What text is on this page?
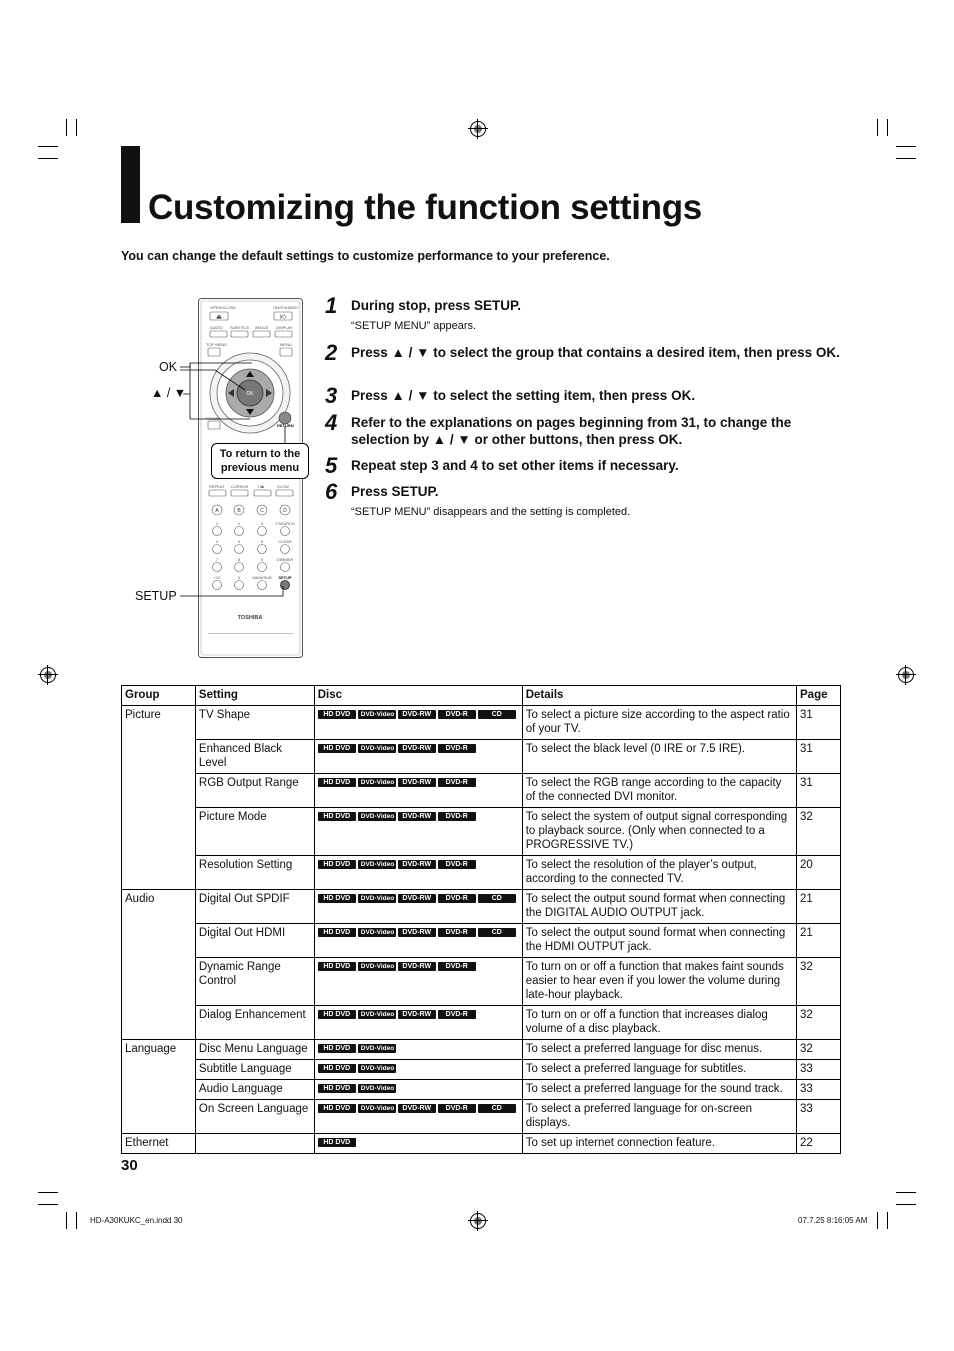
Customizing the function settings
You can change the default settings to customize performance to your preference.
OPEN/CLOSE	ON/STANDBY
⏏	I/⏻
AUDIO SUBTITLE ANGLE DISPLAY
TOP MENU	MENU
OK
FRAME
RETURN
REPEAT CURSOR I I▶	SLOW
A	B	C	D
1	2	3	T.SEARCH
4	5	6	CLEAR
7	8	9	DIMMER
+10	0	MAIN/SUB SETUP
TOSHIBA
OK
▲ / ▼
SETUP
To return to the previous menu
1 During stop, press SETUP.
“SETUP MENU” appears.
2 Press ▲ / ▼ to select the group that contains a desired item, then press OK.
3 Press ▲ / ▼ to select the setting item, then press OK.
4 Refer to the explanations on pages beginning from 31, to change the selection by ▲ / ▼ or other buttons, then press OK.
5 Repeat step 3 and 4 to set other items if necessary.
6 Press SETUP.
“SETUP MENU” disappears and the setting is completed.
Group	Setting	Disc	Details	Page
Picture	TV Shape	HD DVD DVD-Video DVD-RW DVD-R CD	To select a picture size according to the aspect ratio of your TV.	31
	Enhanced Black Level	HD DVD DVD-Video DVD-RW DVD-R	To select the black level (0 IRE or 7.5 IRE).	31
	RGB Output Range	HD DVD DVD-Video DVD-RW DVD-R	To select the RGB range according to the capacity of the connected DVI monitor.	31
	Picture Mode	HD DVD DVD-Video DVD-RW DVD-R	To select the system of output signal corresponding to playback source. (Only when connected to a PROGRESSIVE TV.)	32
	Resolution Setting	HD DVD DVD-Video DVD-RW DVD-R	To select the resolution of the player’s output, according to the connected TV.	20
Audio	Digital Out SPDIF	HD DVD DVD-Video DVD-RW DVD-R CD	To select the output sound format when connecting the DIGITAL AUDIO OUTPUT jack.	21
	Digital Out HDMI	HD DVD DVD-Video DVD-RW DVD-R CD	To select the output sound format when connecting the HDMI OUTPUT jack.	21
	Dynamic Range Control	HD DVD DVD-Video DVD-RW DVD-R	To turn on or off a function that makes faint sounds easier to hear even if you lower the volume during late-hour playback.	32
	Dialog Enhancement	HD DVD DVD-Video DVD-RW DVD-R	To turn on or off a function that increases dialog volume of a disc playback.	32
Language	Disc Menu Language	HD DVD DVD-Video	To select a preferred language for disc menus.	32
	Subtitle Language	HD DVD DVD-Video	To select a preferred language for subtitles.	33
	Audio Language	HD DVD DVD-Video	To select a preferred language for the sound track.	33
	On Screen Language	HD DVD DVD-Video DVD-RW DVD-R CD	To select a preferred language for on-screen displays.	33
Ethernet		HD DVD	To set up internet connection feature.	22
30
HD-A30KUKC_en.indd 30	07.7.25 8:16:05 AM
